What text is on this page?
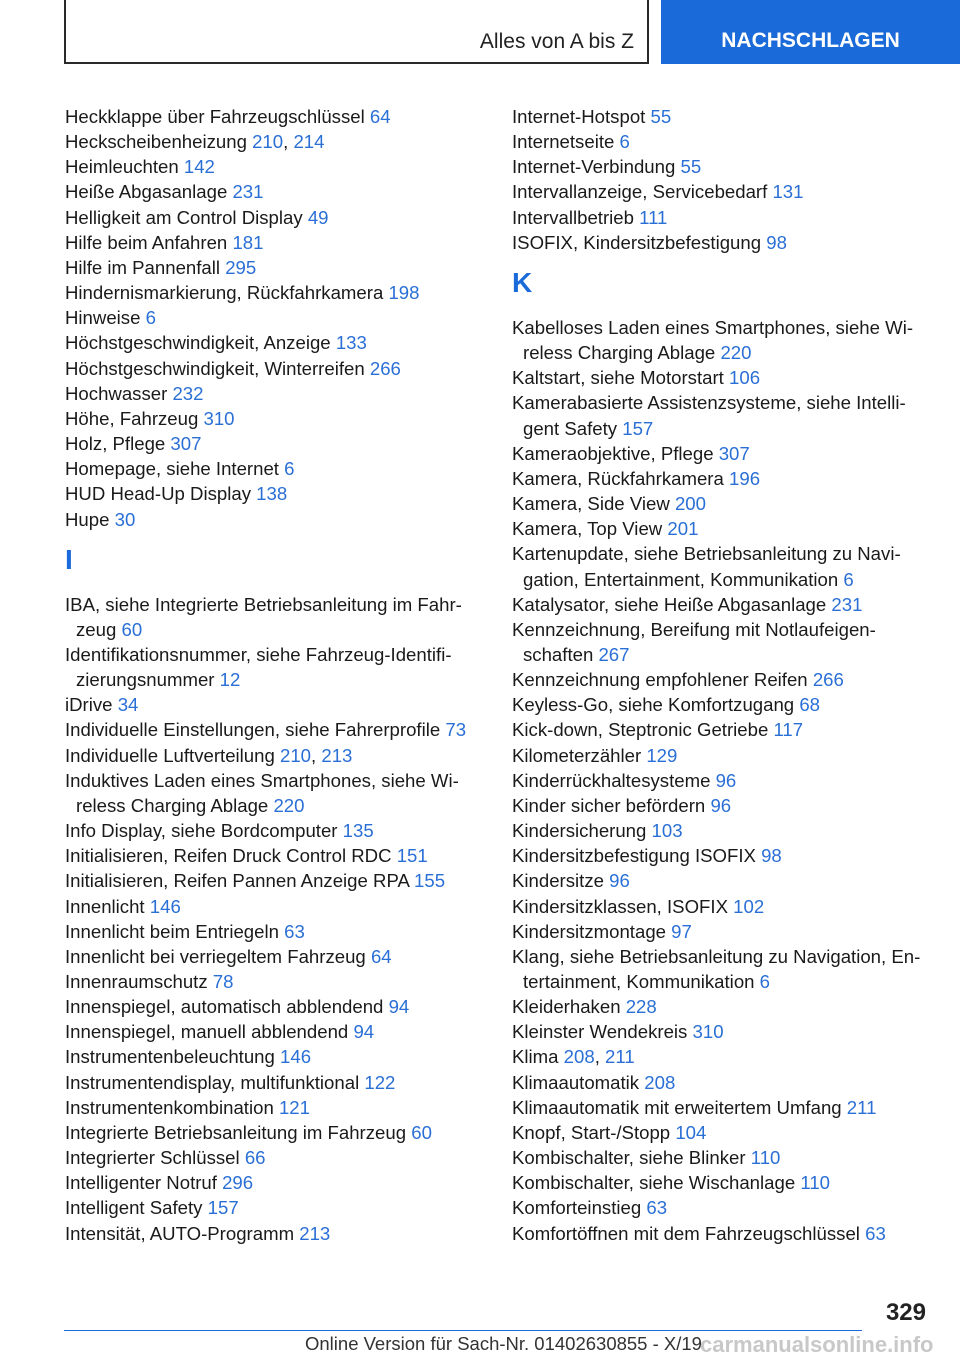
Alles von A bis Z	NACHSCHLAGEN
Heckklappe über Fahrzeugschlüssel 64
Heckscheibenheizung 210, 214
Heimleuchten 142
Heiße Abgasanlage 231
Helligkeit am Control Display 49
Hilfe beim Anfahren 181
Hilfe im Pannenfall 295
Hindernismarkierung, Rückfahrkamera 198
Hinweise 6
Höchstgeschwindigkeit, Anzeige 133
Höchstgeschwindigkeit, Winterreifen 266
Hochwasser 232
Höhe, Fahrzeug 310
Holz, Pflege 307
Homepage, siehe Internet 6
HUD Head-Up Display 138
Hupe 30
I
IBA, siehe Integrierte Betriebsanleitung im Fahrzeug 60
Identifikationsnummer, siehe Fahrzeug-Identifizierungsnummer 12
iDrive 34
Individuelle Einstellungen, siehe Fahrerprofile 73
Individuelle Luftverteilung 210, 213
Induktives Laden eines Smartphones, siehe Wireless Charging Ablage 220
Info Display, siehe Bordcomputer 135
Initialisieren, Reifen Druck Control RDC 151
Initialisieren, Reifen Pannen Anzeige RPA 155
Innenlicht 146
Innenlicht beim Entriegeln 63
Innenlicht bei verriegeltem Fahrzeug 64
Innenraumschutz 78
Innenspiegel, automatisch abblendend 94
Innenspiegel, manuell abblendend 94
Instrumentenbeleuchtung 146
Instrumentendisplay, multifunktional 122
Instrumentenkombination 121
Integrierte Betriebsanleitung im Fahrzeug 60
Integrierter Schlüssel 66
Intelligenter Notruf 296
Intelligent Safety 157
Intensität, AUTO-Programm 213
Internet-Hotspot 55
Internetseite 6
Internet-Verbindung 55
Intervallanzeige, Servicebedarf 131
Intervallbetrieb 111
ISOFIX, Kindersitzbefestigung 98
K
Kabelloses Laden eines Smartphones, siehe Wireless Charging Ablage 220
Kaltstart, siehe Motorstart 106
Kamerabasierte Assistenzsysteme, siehe Intelligent Safety 157
Kameraobjektive, Pflege 307
Kamera, Rückfahrkamera 196
Kamera, Side View 200
Kamera, Top View 201
Kartenupdate, siehe Betriebsanleitung zu Navigation, Entertainment, Kommunikation 6
Katalysator, siehe Heiße Abgasanlage 231
Kennzeichnung, Bereifung mit Notlaufeigenschaften 267
Kennzeichnung empfohlener Reifen 266
Keyless-Go, siehe Komfortzugang 68
Kick-down, Steptronic Getriebe 117
Kilometerzähler 129
Kinderrückhaltesysteme 96
Kinder sicher befördern 96
Kindersicherung 103
Kindersitzbefestigung ISOFIX 98
Kindersitze 96
Kindersitzklassen, ISOFIX 102
Kindersitzmontage 97
Klang, siehe Betriebsanleitung zu Navigation, Entertainment, Kommunikation 6
Kleiderhaken 228
Kleinster Wendekreis 310
Klima 208, 211
Klimaautomatik 208
Klimaautomatik mit erweitertem Umfang 211
Knopf, Start-/Stopp 104
Kombischalter, siehe Blinker 110
Kombischalter, siehe Wischanlage 110
Komforteinstieg 63
Komfortöffnen mit dem Fahrzeugschlüssel 63
329
Online Version für Sach-Nr. 01402630855 - X/19
carmanualsonline.info
